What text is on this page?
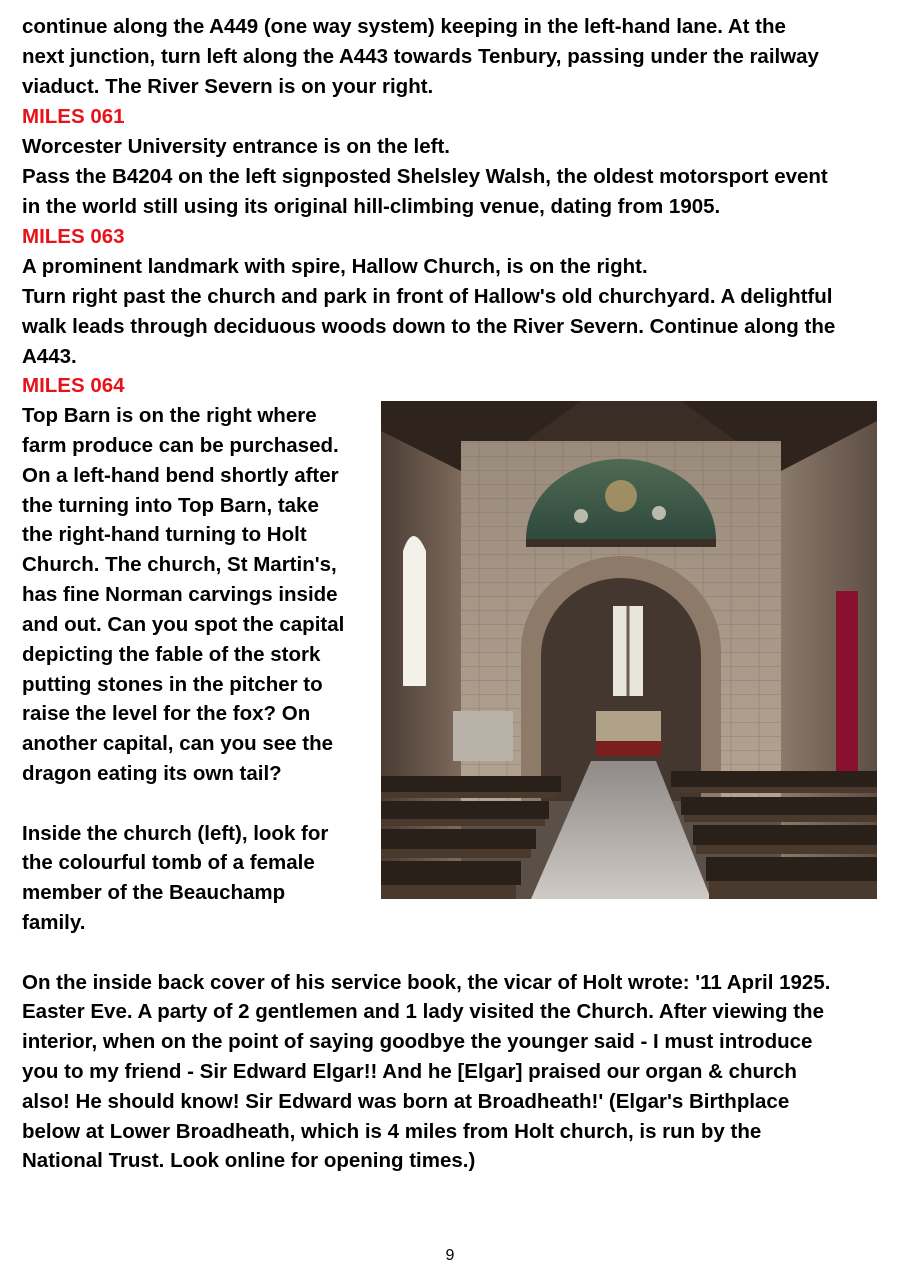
continue along the A449 (one way system) keeping in the left-hand lane. At the

next junction, turn left along the A443 towards Tenbury, passing under the railway

viaduct. The River Severn is on your right.

MILES 061

Worcester University entrance is on the left.

Pass the B4204 on the left signposted Shelsley Walsh, the oldest motorsport event

in the world still using its original hill-climbing venue, dating from 1905.

MILES 063

A prominent landmark with spire, Hallow Church, is on the right.

Turn right past the church and park in front of Hallow's old churchyard. A delightful

walk leads through deciduous woods down to the River Severn. Continue along the

A443.

MILES 064

Top Barn is on the right where

farm produce can be purchased.

On a left-hand bend shortly after

the turning into Top Barn, take

the right-hand turning to Holt

Church. The church, St Martin's,

has fine Norman carvings inside

and out. Can you spot the capital

depicting the fable of the stork

putting stones in the pitcher to

raise the level for the fox? On

another capital, can you see the

dragon eating its own tail?

Inside the church (left), look for

the colourful tomb of a female

member of the Beauchamp

family.

On the inside back cover of his service book, the vicar of Holt wrote: '11 April 1925.

Easter Eve. A party of 2 gentlemen and 1 lady visited the Church. After viewing the

interior, when on the point of saying goodbye the younger said - I must introduce

you to my friend - Sir Edward Elgar!! And he [Elgar] praised our organ & church

also! He should know! Sir Edward was born at Broadheath!' (Elgar's Birthplace

below at Lower Broadheath, which is 4 miles from Holt church, is run by the

National Trust. Look online for opening times.)

9
